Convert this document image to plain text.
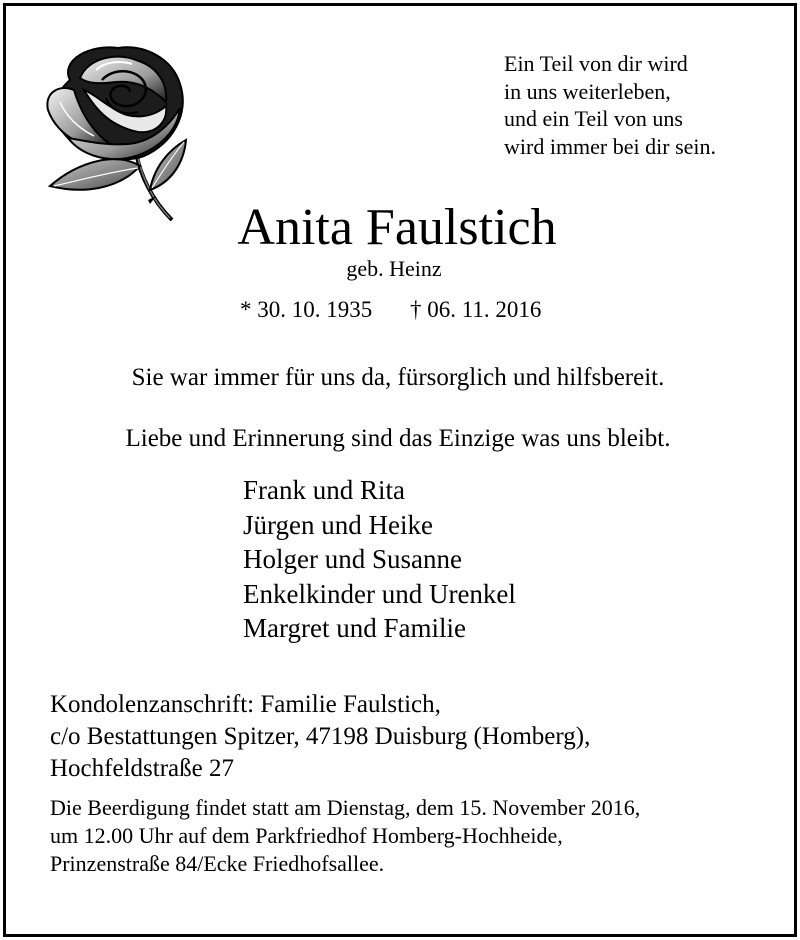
Ein Teil von dir wird
in uns weiterleben,
und ein Teil von uns
wird immer bei dir sein.
Anita Faulstich
geb. Heinz
* 30. 10. 1935 † 06. 11. 2016
Sie war immer für uns da, fürsorglich und hilfsbereit.
Liebe und Erinnerung sind das Einzige was uns bleibt.
Frank und Rita
Jürgen und Heike
Holger und Susanne
Enkelkinder und Urenkel
Margret und Familie
Kondolenzanschrift: Familie Faulstich,
c/o Bestattungen Spitzer, 47198 Duisburg (Homberg),
Hochfeldstraße 27
Die Beerdigung findet statt am Dienstag, dem 15. November 2016,
um 12.00 Uhr auf dem Parkfriedhof Homberg-Hochheide,
Prinzenstraße 84/Ecke Friedhofsallee.
